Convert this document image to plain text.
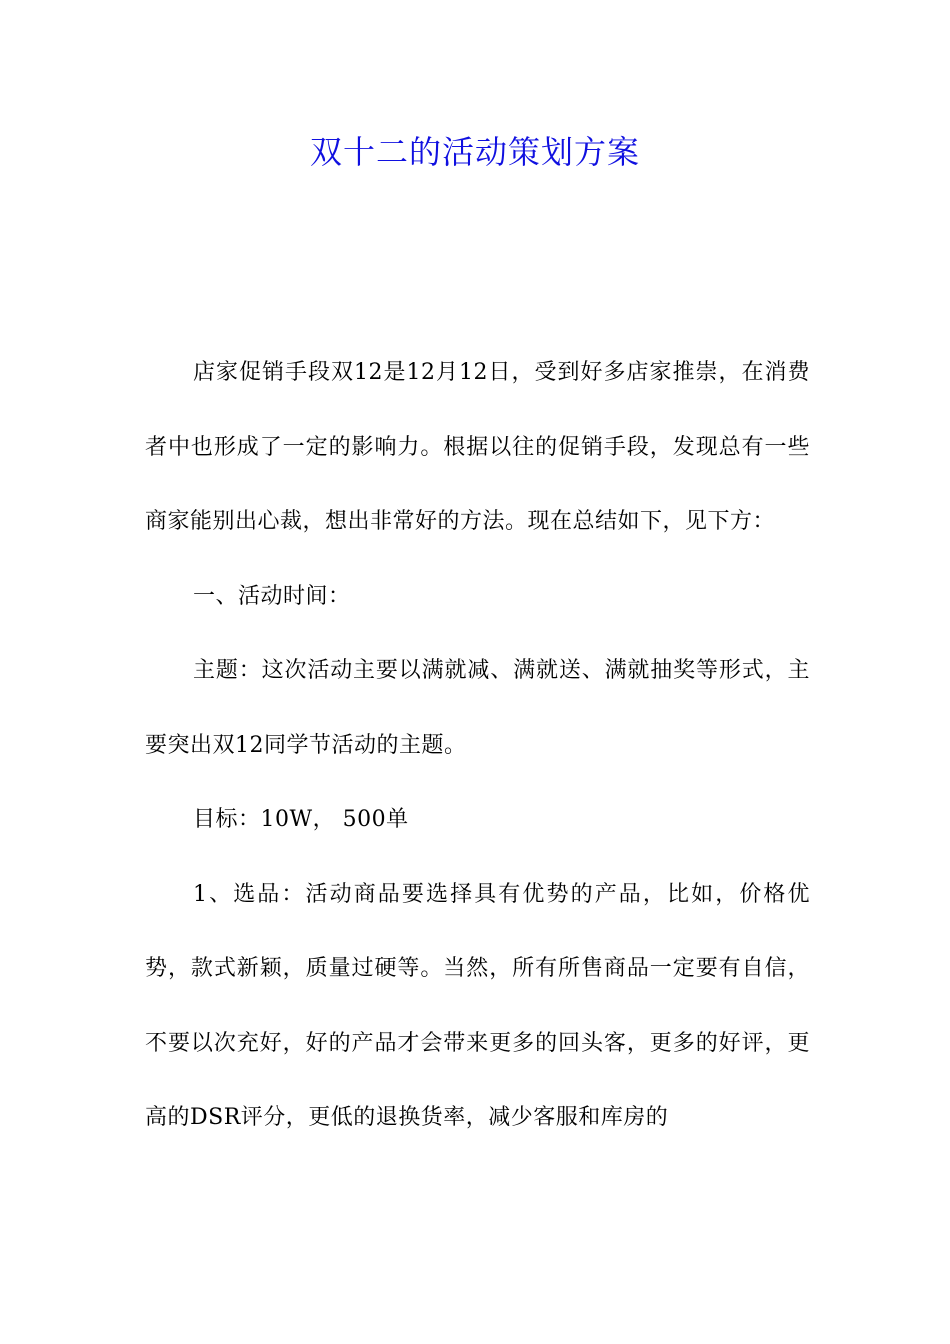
双十二的活动策划方案

店家促销手段双12是12月12日，受到好多店家推崇，在消费者中也形成了一定的影响力。根据以往的促销手段，发现总有一些商家能别出心裁，想出非常好的方法。现在总结如下，见下方：

一、活动时间：

主题：这次活动主要以满就减、满就送、满就抽奖等形式，主要突出双12同学节活动的主题。

目标：10W， 500单

1、选品：活动商品要选择具有优势的产品，比如，价格优势，款式新颖，质量过硬等。当然，所有所售商品一定要有自信，不要以次充好，好的产品才会带来更多的回头客，更多的好评，更高的DSR评分，更低的退换货率，减少客服和库房的
